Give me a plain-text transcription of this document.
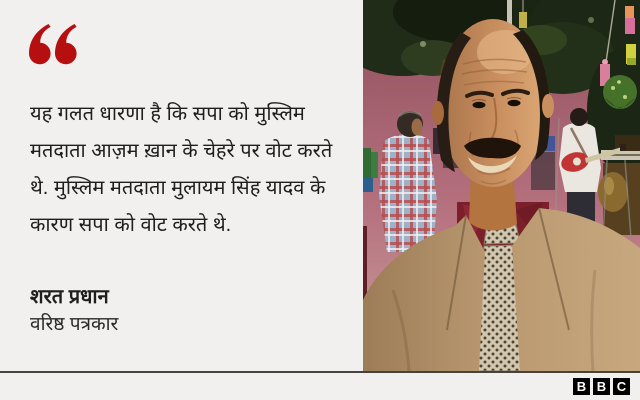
यह गलत धारणा है कि सपा को मुस्लिम मतदाता आज़म ख़ान के चेहरे पर वोट करते थे. मुस्लिम मतदाता मुलायम सिंह यादव के कारण सपा को वोट करते थे.

शरत प्रधान
वरिष्ठ पत्रकार
B B C
